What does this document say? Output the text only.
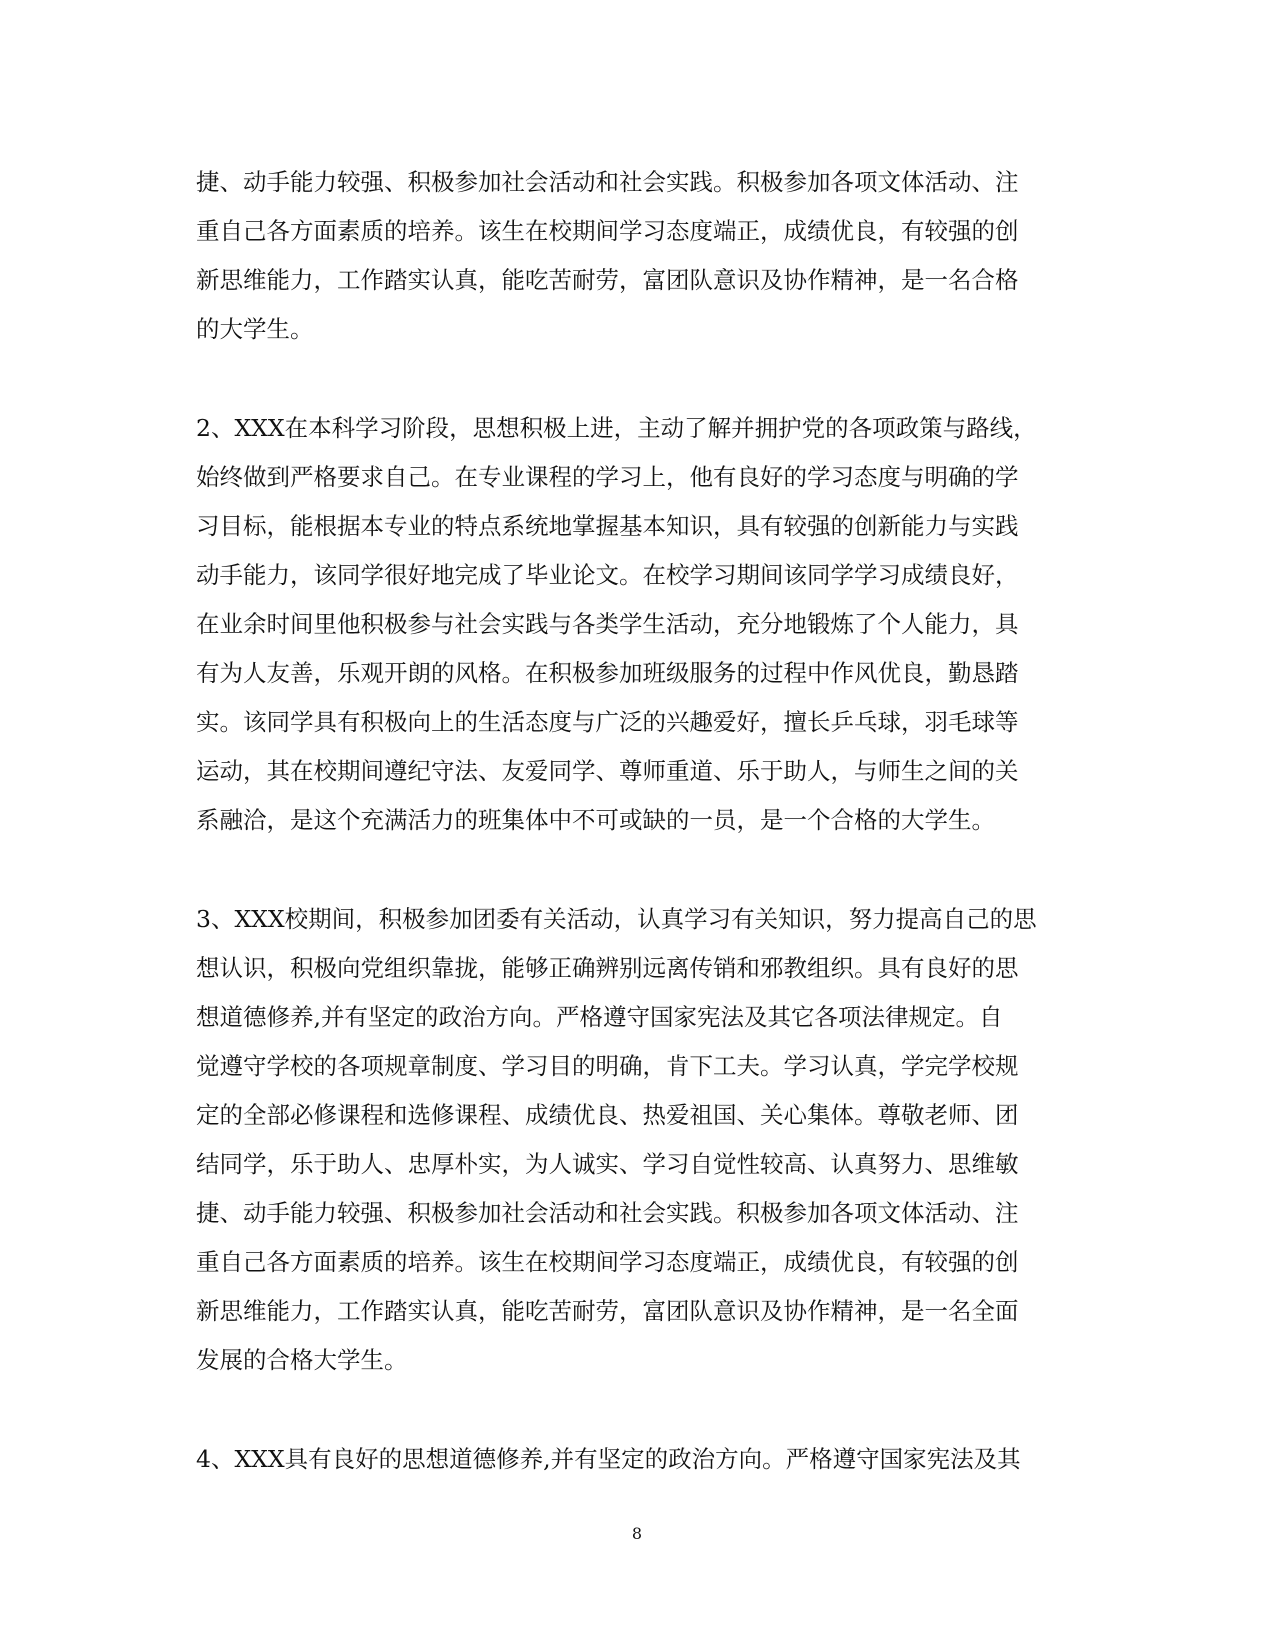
捷、动手能力较强、积极参加社会活动和社会实践。积极参加各项文体活动、注
重自己各方面素质的培养。该生在校期间学习态度端正，成绩优良，有较强的创
新思维能力，工作踏实认真，能吃苦耐劳，富团队意识及协作精神，是一名合格
的大学生。
2、XXX在本科学习阶段，思想积极上进，主动了解并拥护党的各项政策与路线，
始终做到严格要求自己。在专业课程的学习上，他有良好的学习态度与明确的学
习目标，能根据本专业的特点系统地掌握基本知识，具有较强的创新能力与实践
动手能力，该同学很好地完成了毕业论文。在校学习期间该同学学习成绩良好，
在业余时间里他积极参与社会实践与各类学生活动，充分地锻炼了个人能力，具
有为人友善，乐观开朗的风格。在积极参加班级服务的过程中作风优良，勤恳踏
实。该同学具有积极向上的生活态度与广泛的兴趣爱好，擅长乒乓球，羽毛球等
运动，其在校期间遵纪守法、友爱同学、尊师重道、乐于助人，与师生之间的关
系融洽，是这个充满活力的班集体中不可或缺的一员，是一个合格的大学生。
3、XXX校期间，积极参加团委有关活动，认真学习有关知识，努力提高自己的思
想认识，积极向党组织靠拢，能够正确辨别远离传销和邪教组织。具有良好的思
想道德修养,并有坚定的政治方向。严格遵守国家宪法及其它各项法律规定。自
觉遵守学校的各项规章制度、学习目的明确，肯下工夫。学习认真，学完学校规
定的全部必修课程和选修课程、成绩优良、热爱祖国、关心集体。尊敬老师、团
结同学，乐于助人、忠厚朴实，为人诚实、学习自觉性较高、认真努力、思维敏
捷、动手能力较强、积极参加社会活动和社会实践。积极参加各项文体活动、注
重自己各方面素质的培养。该生在校期间学习态度端正，成绩优良，有较强的创
新思维能力，工作踏实认真，能吃苦耐劳，富团队意识及协作精神，是一名全面
发展的合格大学生。
4、XXX具有良好的思想道德修养,并有坚定的政治方向。严格遵守国家宪法及其
8
